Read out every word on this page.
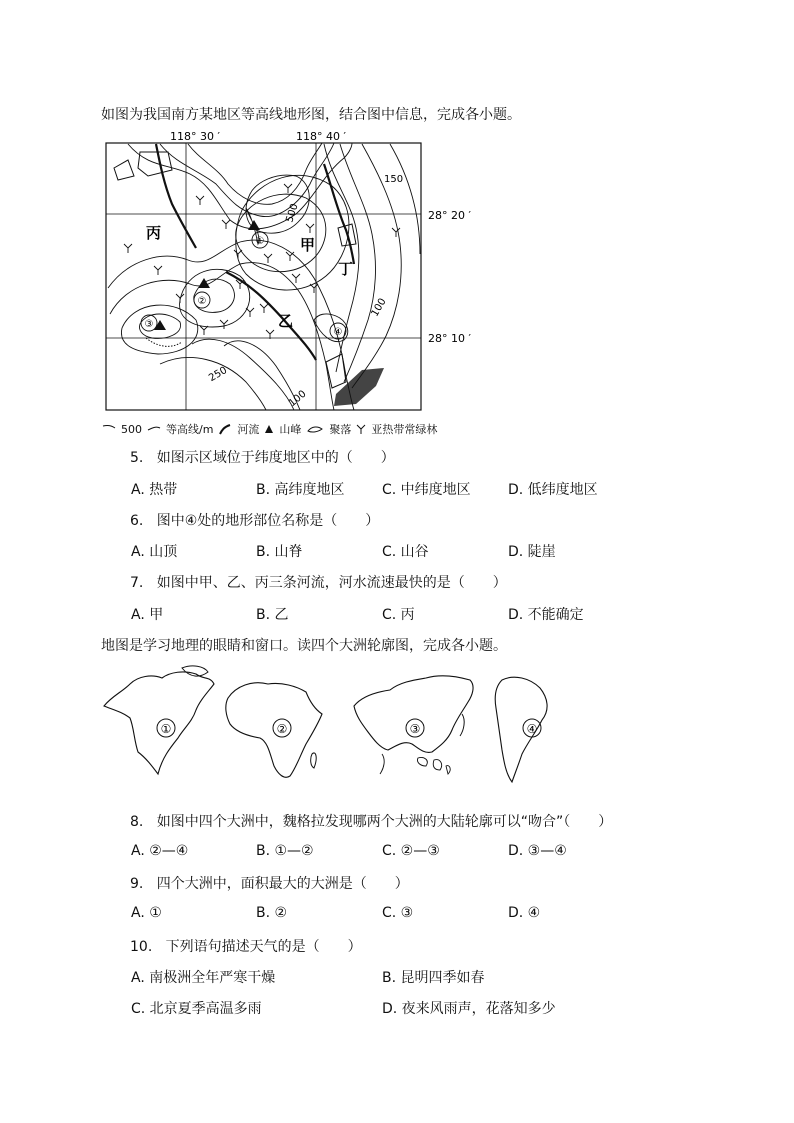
如图为我国南方某地区等高线地形图，结合图中信息，完成各小题。
118° 30 ′	118° 40 ′
28° 20 ′
28° 10 ′
150
500
100
250
100
丙
甲
丁
乙
①
②
③
④
500 等高线/m 河流 山峰	聚落 亚热带常绿林
5. 如图示区域位于纬度地区中的（　　）
A. 热带	B. 高纬度地区	C. 中纬度地区	D. 低纬度地区
6. 图中④处的地形部位名称是（　　）
A. 山顶	B. 山脊	C. 山谷	D. 陡崖
7. 如图中甲、乙、丙三条河流，河水流速最快的是（　　）
A. 甲	B. 乙	C. 丙	D. 不能确定
地图是学习地理的眼睛和窗口。读四个大洲轮廓图，完成各小题。
①	②	③	④
8. 如图中四个大洲中，魏格拉发现哪两个大洲的大陆轮廓可以“吻合”（　　）
A. ②—④	B. ①—②	C. ②—③	D. ③—④
9. 四个大洲中，面积最大的大洲是（　　）
A. ①	B. ②	C. ③	D. ④
10. 下列语句描述天气的是（　　）
A. 南极洲全年严寒干燥	B. 昆明四季如春
C. 北京夏季高温多雨	D. 夜来风雨声，花落知多少
